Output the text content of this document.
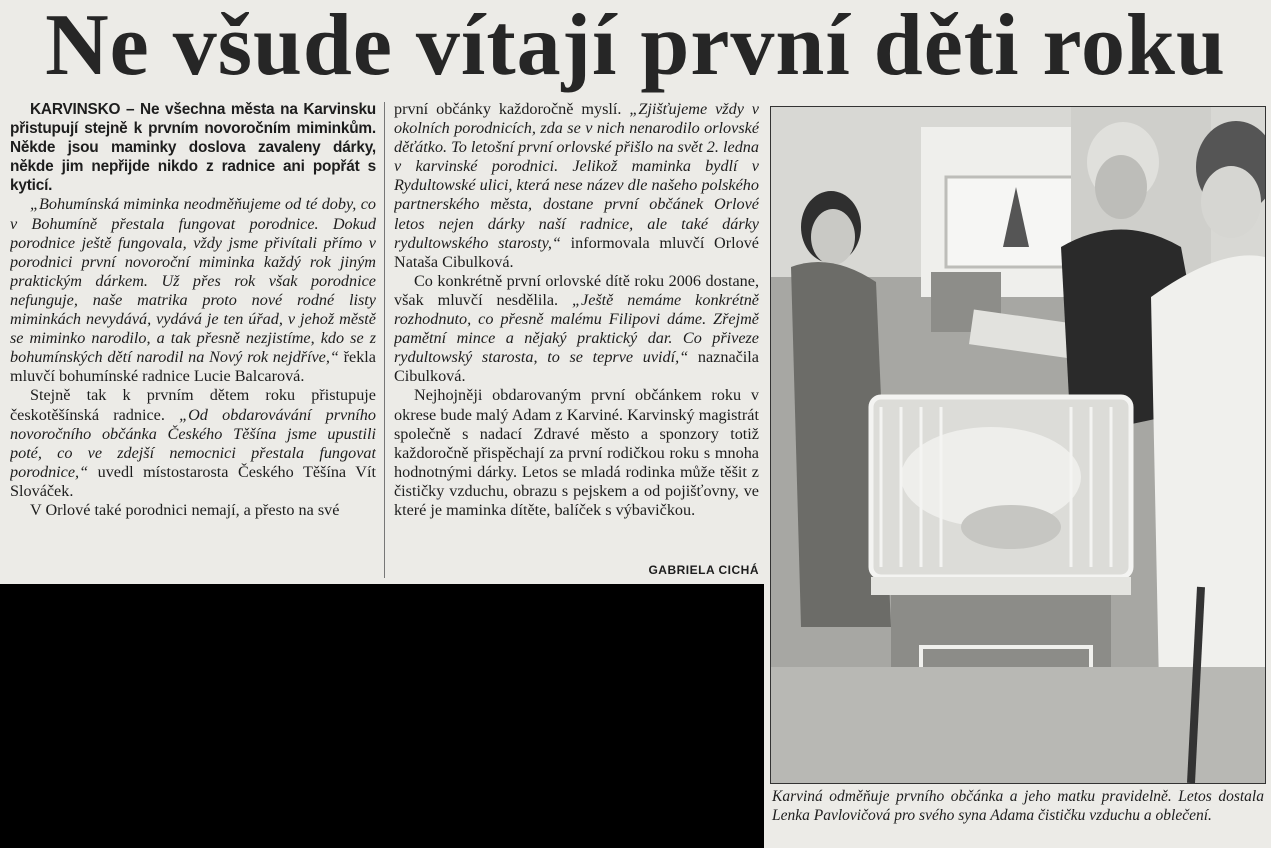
Ne všude vítají první děti roku

KARVINSKO – Ne všechna města na Karvinsku přistupují stejně k prvním novoročním miminkům. Někde jsou maminky doslova zavaleny dárky, někde jim nepřijde nikdo z radnice ani popřát s kyticí.

„Bohumínská miminka neodměňujeme od té doby, co v Bohumíně přestala fungovat porodnice. Dokud porodnice ještě fungovala, vždy jsme přivítali přímo v porodnici první novoroční miminka každý rok jiným praktickým dárkem. Už přes rok však porodnice nefunguje, naše matrika proto nové rodné listy miminkách nevydává, vydává je ten úřad, v jehož městě se miminko narodilo, a tak přesně nezjistíme, kdo se z bohumínských dětí narodil na Nový rok nejdříve,“ řekla mluvčí bohumínské radnice Lucie Balcarová.

Stejně tak k prvním dětem roku přistupuje českotěšínská radnice. „Od obdarovávání prvního novoročního občánka Českého Těšína jsme upustili poté, co ve zdejší nemocnici přestala fungovat porodnice,“ uvedl místostarosta Českého Těšína Vít Slováček.

V Orlové také porodnici nemají, a přesto na své

první občánky každoročně myslí. „Zjišťujeme vždy v okolních porodnicích, zda se v nich nenarodilo orlovské děťátko. To letošní první orlovské přišlo na svět 2. ledna v karvinské porodnici. Jelikož maminka bydlí v Rydultowské ulici, která nese název dle našeho polského partnerského města, dostane první občánek Orlové letos nejen dárky naší radnice, ale také dárky rydultowského starosty,“ informovala mluvčí Orlové Nataša Cibulková.

Co konkrétně první orlovské dítě roku 2006 dostane, však mluvčí nesdělila. „Ještě nemáme konkrétně rozhodnuto, co přesně malému Filipovi dáme. Zřejmě pamětní mince a nějaký praktický dar. Co přiveze rydultowský starosta, to se teprve uvidí,“ naznačila Cibulková.

Nejhojněji obdarovaným první občánkem roku v okrese bude malý Adam z Karviné. Karvinský magistrát společně s nadací Zdravé město a sponzory totiž každoročně přispěchají za první rodičkou roku s mnoha hodnotnými dárky. Letos se mladá rodinka může těšit z čističky vzduchu, obrazu s pejskem a od pojišťovny, ve které je maminka dítěte, balíček s výbavičkou.

GABRIELA CICHÁ
Karviná odměňuje prvního občánka a jeho matku pravidelně. Letos dostala Lenka Pavlovičová pro svého syna Adama čističku vzduchu a oblečení.
